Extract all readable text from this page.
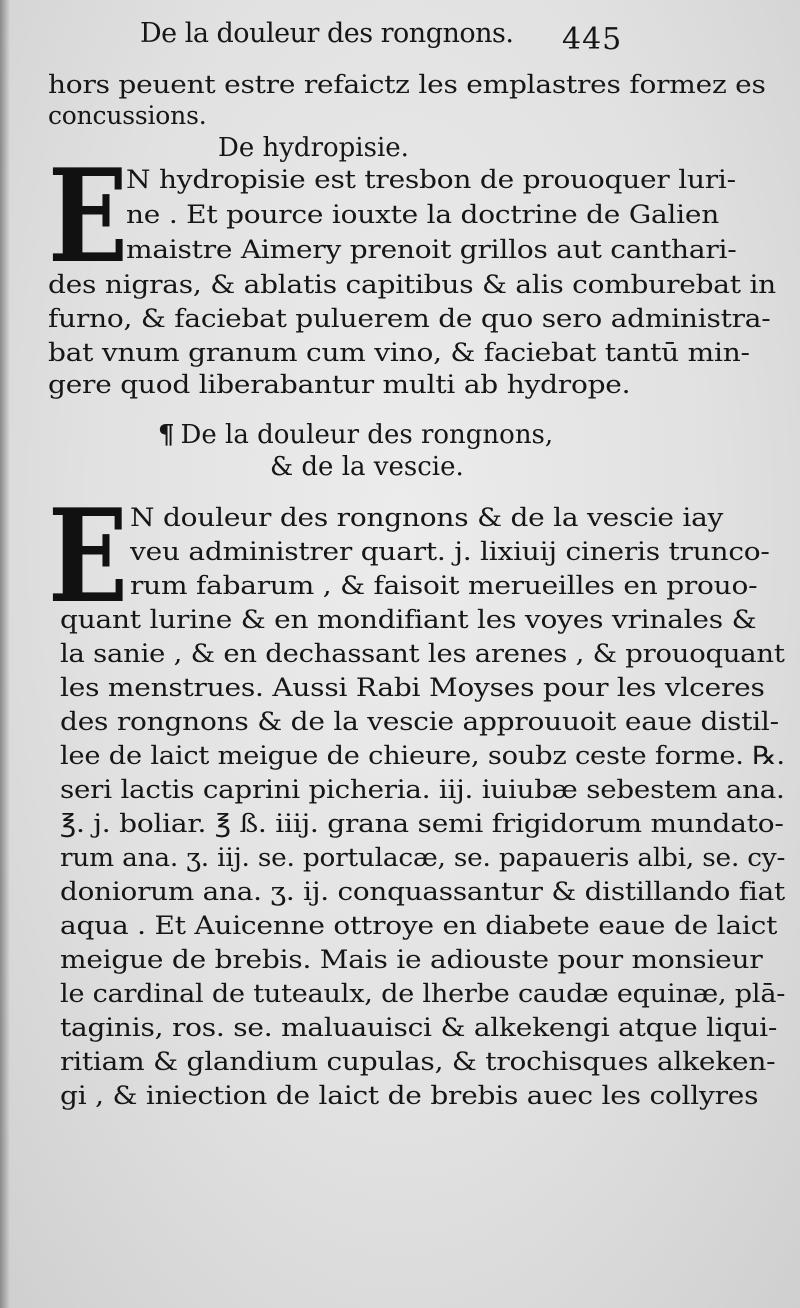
De la douleur des rongnons. 445
hors peuent estre refaictz les emplastres formez es
concussions.
De hydropisie.
E
N hydropisie est tresbon de prouoquer luri-
ne . Et pource iouxte la doctrine de Galien
maistre Aimery prenoit grillos aut canthari-
des nigras, & ablatis capitibus & alis comburebat in
furno, & faciebat puluerem de quo sero administra-
bat vnum granum cum vino, & faciebat tantū min-
gere quod liberabantur multi ab hydrope.
¶ De la douleur des rongnons,
& de la vescie.
E N douleur des rongnons & de la vescie iay
veu administrer quart. j. lixiuij cineris trunco-
rum fabarum , & faisoit merueilles en prouo-
quant lurine & en mondifiant les voyes vrinales &
la sanie , & en dechassant les arenes , & prouoquant
les menstrues. Aussi Rabi Moyses pour les vlceres
des rongnons & de la vescie approuuoit eaue distil-
lee de laict meigue de chieure, soubz ceste forme. ℞.
seri lactis caprini picheria. iij. iuiubæ sebestem ana.
℥. j. boliar. ℥ ß. iiij. grana semi frigidorum mundato-
rum ana. ʒ. iij. se. portulacæ, se. papaueris albi, se. cy-
doniorum ana. ʒ. ij. conquassantur & distillando fiat
aqua . Et Auicenne ottroye en diabete eaue de laict
meigue de brebis. Mais ie adiouste pour monsieur
le cardinal de tuteaulx, de lherbe caudæ equinæ, plā-
taginis, ros. se. maluauisci & alkekengi atque liqui-
ritiam & glandium cupulas, & trochisques alkeken-
gi , & iniection de laict de brebis auec les collyres
